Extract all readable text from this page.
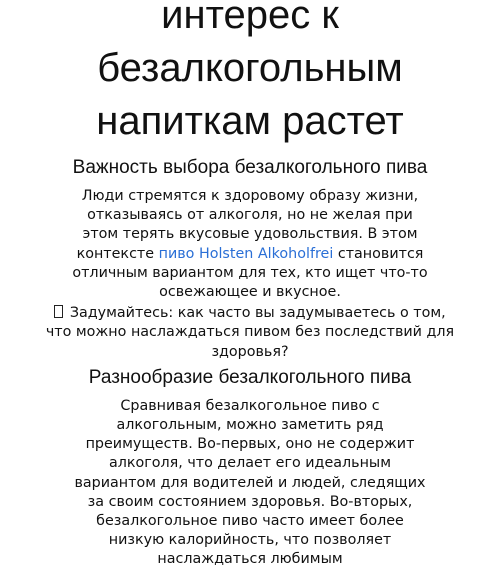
интерес к
безалкогольным
напиткам растет
Важность выбора безалкогольного пива

Люди стремятся к здоровому образу жизни, отказываясь от алкоголя, но не желая при этом терять вкусовые удовольствия. В этом контексте пиво Holsten Alkoholfrei становится отличным вариантом для тех, кто ищет что-то освежающее и вкусное.

Задумайтесь: как часто вы задумываетесь о том, что можно наслаждаться пивом без последствий для здоровья?

Разнообразие безалкогольного пива

Сравнивая безалкогольное пиво с алкогольным, можно заметить ряд преимуществ. Во-первых, оно не содержит алкоголя, что делает его идеальным вариантом для водителей и людей, следящих за своим состоянием здоровья. Во-вторых, безалкогольное пиво часто имеет более низкую калорийность, что позволяет наслаждаться любимым
